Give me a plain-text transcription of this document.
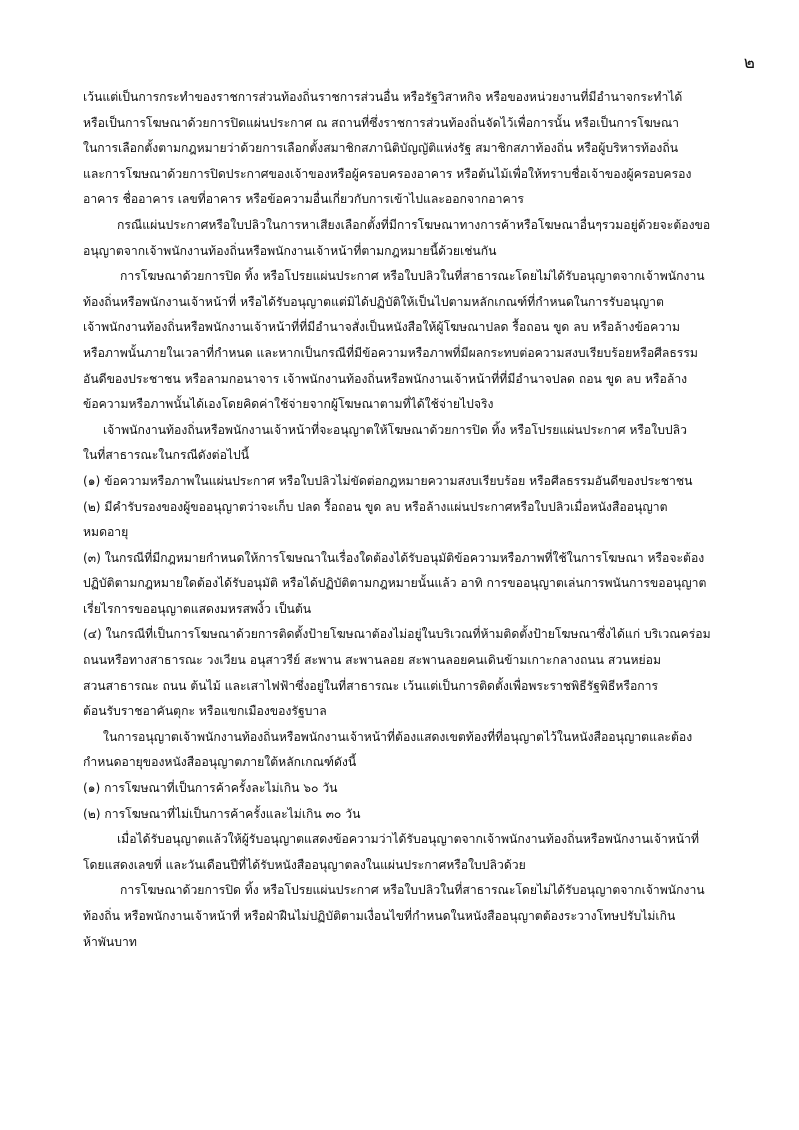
๒
เว้นแต่เป็นการกระทำของราชการส่วนท้องถิ่นราชการส่วนอื่น หรือรัฐวิสาหกิจ หรือของหน่วยงานที่มีอำนาจกระทำได้
หรือเป็นการโฆษณาด้วยการปิดแผ่นประกาศ ณ สถานที่ซึ่งราชการส่วนท้องถิ่นจัดไว้เพื่อการนั้น หรือเป็นการโฆษณา
ในการเลือกตั้งตามกฎหมายว่าด้วยการเลือกตั้งสมาชิกสภานิติบัญญัติแห่งรัฐ สมาชิกสภาท้องถิ่น หรือผู้บริหารท้องถิ่น
และการโฆษณาด้วยการปิดประกาศของเจ้าของหรือผู้ครอบครองอาคาร หรือต้นไม้เพื่อให้ทราบชื่อเจ้าของผู้ครอบครอง
อาคาร ชื่ออาคาร เลขที่อาคาร หรือข้อความอื่นเกี่ยวกับการเข้าไปและออกจากอาคาร
กรณีแผ่นประกาศหรือใบปลิวในการหาเสียงเลือกตั้งที่มีการโฆษณาทางการค้าหรือโฆษณาอื่นๆรวมอยู่ด้วยจะต้องขอ
อนุญาตจากเจ้าพนักงานท้องถิ่นหรือพนักงานเจ้าหน้าที่ตามกฎหมายนี้ด้วยเช่นกัน
การโฆษณาด้วยการปิด ทิ้ง หรือโปรยแผ่นประกาศ หรือใบปลิวในที่สาธารณะโดยไม่ได้รับอนุญาตจากเจ้าพนักงาน
ท้องถิ่นหรือพนักงานเจ้าหน้าที่ หรือได้รับอนุญาตแต่มิได้ปฏิบัติให้เป็นไปตามหลักเกณฑ์ที่กำหนดในการรับอนุญาต
เจ้าพนักงานท้องถิ่นหรือพนักงานเจ้าหน้าที่ที่มีอำนาจสั่งเป็นหนังสือให้ผู้โฆษณาปลด รื้อถอน ขูด ลบ หรือล้างข้อความ
หรือภาพนั้นภายในเวลาที่กำหนด และหากเป็นกรณีที่มีข้อความหรือภาพที่มีผลกระทบต่อความสงบเรียบร้อยหรือศีลธรรม
อันดีของประชาชน หรือลามกอนาจาร เจ้าพนักงานท้องถิ่นหรือพนักงานเจ้าหน้าที่ที่มีอำนาจปลด ถอน ขูด ลบ หรือล้าง
ข้อความหรือภาพนั้นได้เองโดยคิดค่าใช้จ่ายจากผู้โฆษณาตามที่ได้ใช้จ่ายไปจริง
เจ้าพนักงานท้องถิ่นหรือพนักงานเจ้าหน้าที่จะอนุญาตให้โฆษณาด้วยการปิด ทิ้ง หรือโปรยแผ่นประกาศ หรือใบปลิว
ในที่สาธารณะในกรณีดังต่อไปนี้
(๑) ข้อความหรือภาพในแผ่นประกาศ หรือใบปลิวไม่ขัดต่อกฎหมายความสงบเรียบร้อย หรือศีลธรรมอันดีของประชาชน
(๒) มีคำรับรองของผู้ขออนุญาตว่าจะเก็บ ปลด รื้อถอน ขูด ลบ หรือล้างแผ่นประกาศหรือใบปลิวเมื่อหนังสืออนุญาต
หมดอายุ
(๓) ในกรณีที่มีกฎหมายกำหนดให้การโฆษณาในเรื่องใดต้องได้รับอนุมัติข้อความหรือภาพที่ใช้ในการโฆษณา หรือจะต้อง
ปฏิบัติตามกฎหมายใดต้องได้รับอนุมัติ หรือได้ปฏิบัติตามกฎหมายนั้นแล้ว อาทิ การขออนุญาตเล่นการพนันการขออนุญาต
เรี่ยไรการขออนุญาตแสดงมหรสพงิ้ว เป็นต้น
(๔) ในกรณีที่เป็นการโฆษณาด้วยการติดตั้งป้ายโฆษณาต้องไม่อยู่ในบริเวณที่ห้ามติดตั้งป้ายโฆษณาซึ่งได้แก่ บริเวณคร่อม
ถนนหรือทางสาธารณะ วงเวียน อนุสาวรีย์ สะพาน สะพานลอย สะพานลอยคนเดินข้ามเกาะกลางถนน สวนหย่อม
สวนสาธารณะ ถนน ต้นไม้ และเสาไฟฟ้าซึ่งอยู่ในที่สาธารณะ เว้นแต่เป็นการติดตั้งเพื่อพระราชพิธีรัฐพิธีหรือการ
ต้อนรับราชอาคันตุกะ หรือแขกเมืองของรัฐบาล
ในการอนุญาตเจ้าพนักงานท้องถิ่นหรือพนักงานเจ้าหน้าที่ต้องแสดงเขตท้องที่ที่อนุญาตไว้ในหนังสืออนุญาตและต้อง
กำหนดอายุของหนังสืออนุญาตภายใต้หลักเกณฑ์ดังนี้
(๑) การโฆษณาที่เป็นการค้าครั้งละไม่เกิน ๖๐ วัน
(๒) การโฆษณาที่ไม่เป็นการค้าครั้งและไม่เกิน ๓๐ วัน
เมื่อได้รับอนุญาตแล้วให้ผู้รับอนุญาตแสดงข้อความว่าได้รับอนุญาตจากเจ้าพนักงานท้องถิ่นหรือพนักงานเจ้าหน้าที่
โดยแสดงเลขที่ และวันเดือนปีที่ได้รับหนังสืออนุญาตลงในแผ่นประกาศหรือใบปลิวด้วย
การโฆษณาด้วยการปิด ทิ้ง หรือโปรยแผ่นประกาศ หรือใบปลิวในที่สาธารณะโดยไม่ได้รับอนุญาตจากเจ้าพนักงาน
ท้องถิ่น หรือพนักงานเจ้าหน้าที่ หรือฝ่าฝืนไม่ปฏิบัติตามเงื่อนไขที่กำหนดในหนังสืออนุญาตต้องระวางโทษปรับไม่เกิน
ห้าพันบาท
